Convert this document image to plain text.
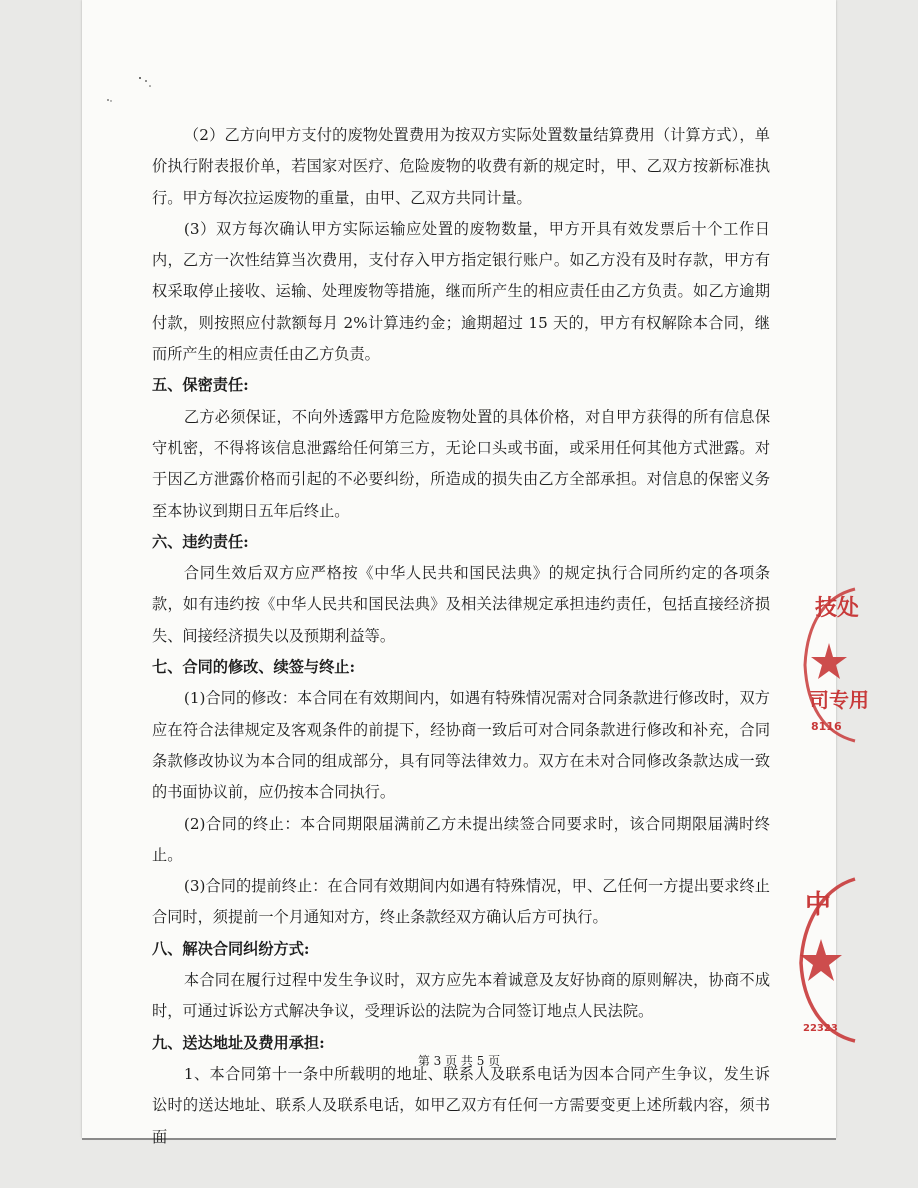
（2）乙方向甲方支付的废物处置费用为按双方实际处置数量结算费用（计算方式），单价执行附表报价单，若国家对医疗、危险废物的收费有新的规定时，甲、乙双方按新标准执行。甲方每次拉运废物的重量，由甲、乙双方共同计量。

(3）双方每次确认甲方实际运输应处置的废物数量，甲方开具有效发票后十个工作日内，乙方一次性结算当次费用，支付存入甲方指定银行账户。如乙方没有及时存款，甲方有权采取停止接收、运输、处理废物等措施，继而所产生的相应责任由乙方负责。如乙方逾期付款，则按照应付款额每月 2%计算违约金；逾期超过 15 天的，甲方有权解除本合同，继而所产生的相应责任由乙方负责。

五、保密责任:

乙方必须保证，不向外透露甲方危险废物处置的具体价格，对自甲方获得的所有信息保守机密，不得将该信息泄露给任何第三方，无论口头或书面，或采用任何其他方式泄露。对于因乙方泄露价格而引起的不必要纠纷，所造成的损失由乙方全部承担。对信息的保密义务至本协议到期日五年后终止。

六、违约责任:

合同生效后双方应严格按《中华人民共和国民法典》的规定执行合同所约定的各项条款，如有违约按《中华人民共和国民法典》及相关法律规定承担违约责任，包括直接经济损失、间接经济损失以及预期利益等。

七、合同的修改、续签与终止:

(1)合同的修改：本合同在有效期间内，如遇有特殊情况需对合同条款进行修改时，双方应在符合法律规定及客观条件的前提下，经协商一致后可对合同条款进行修改和补充，合同条款修改协议为本合同的组成部分，具有同等法律效力。双方在未对合同修改条款达成一致的书面协议前，应仍按本合同执行。

(2)合同的终止：本合同期限届满前乙方未提出续签合同要求时，该合同期限届满时终止。

(3)合同的提前终止：在合同有效期间内如遇有特殊情况，甲、乙任何一方提出要求终止合同时，须提前一个月通知对方，终止条款经双方确认后方可执行。

八、解决合同纠纷方式:

本合同在履行过程中发生争议时，双方应先本着诚意及友好协商的原则解决，协商不成时，可通过诉讼方式解决争议，受理诉讼的法院为合同签订地点人民法院。

九、送达地址及费用承担:

1、本合同第十一条中所载明的地址、联系人及联系电话为因本合同产生争议，发生诉讼时的送达地址、联系人及联系电话，如甲乙双方有任何一方需要变更上述所载内容，须书面

第 3 页 共 5 页
技处
司专用
8116
中
22323
